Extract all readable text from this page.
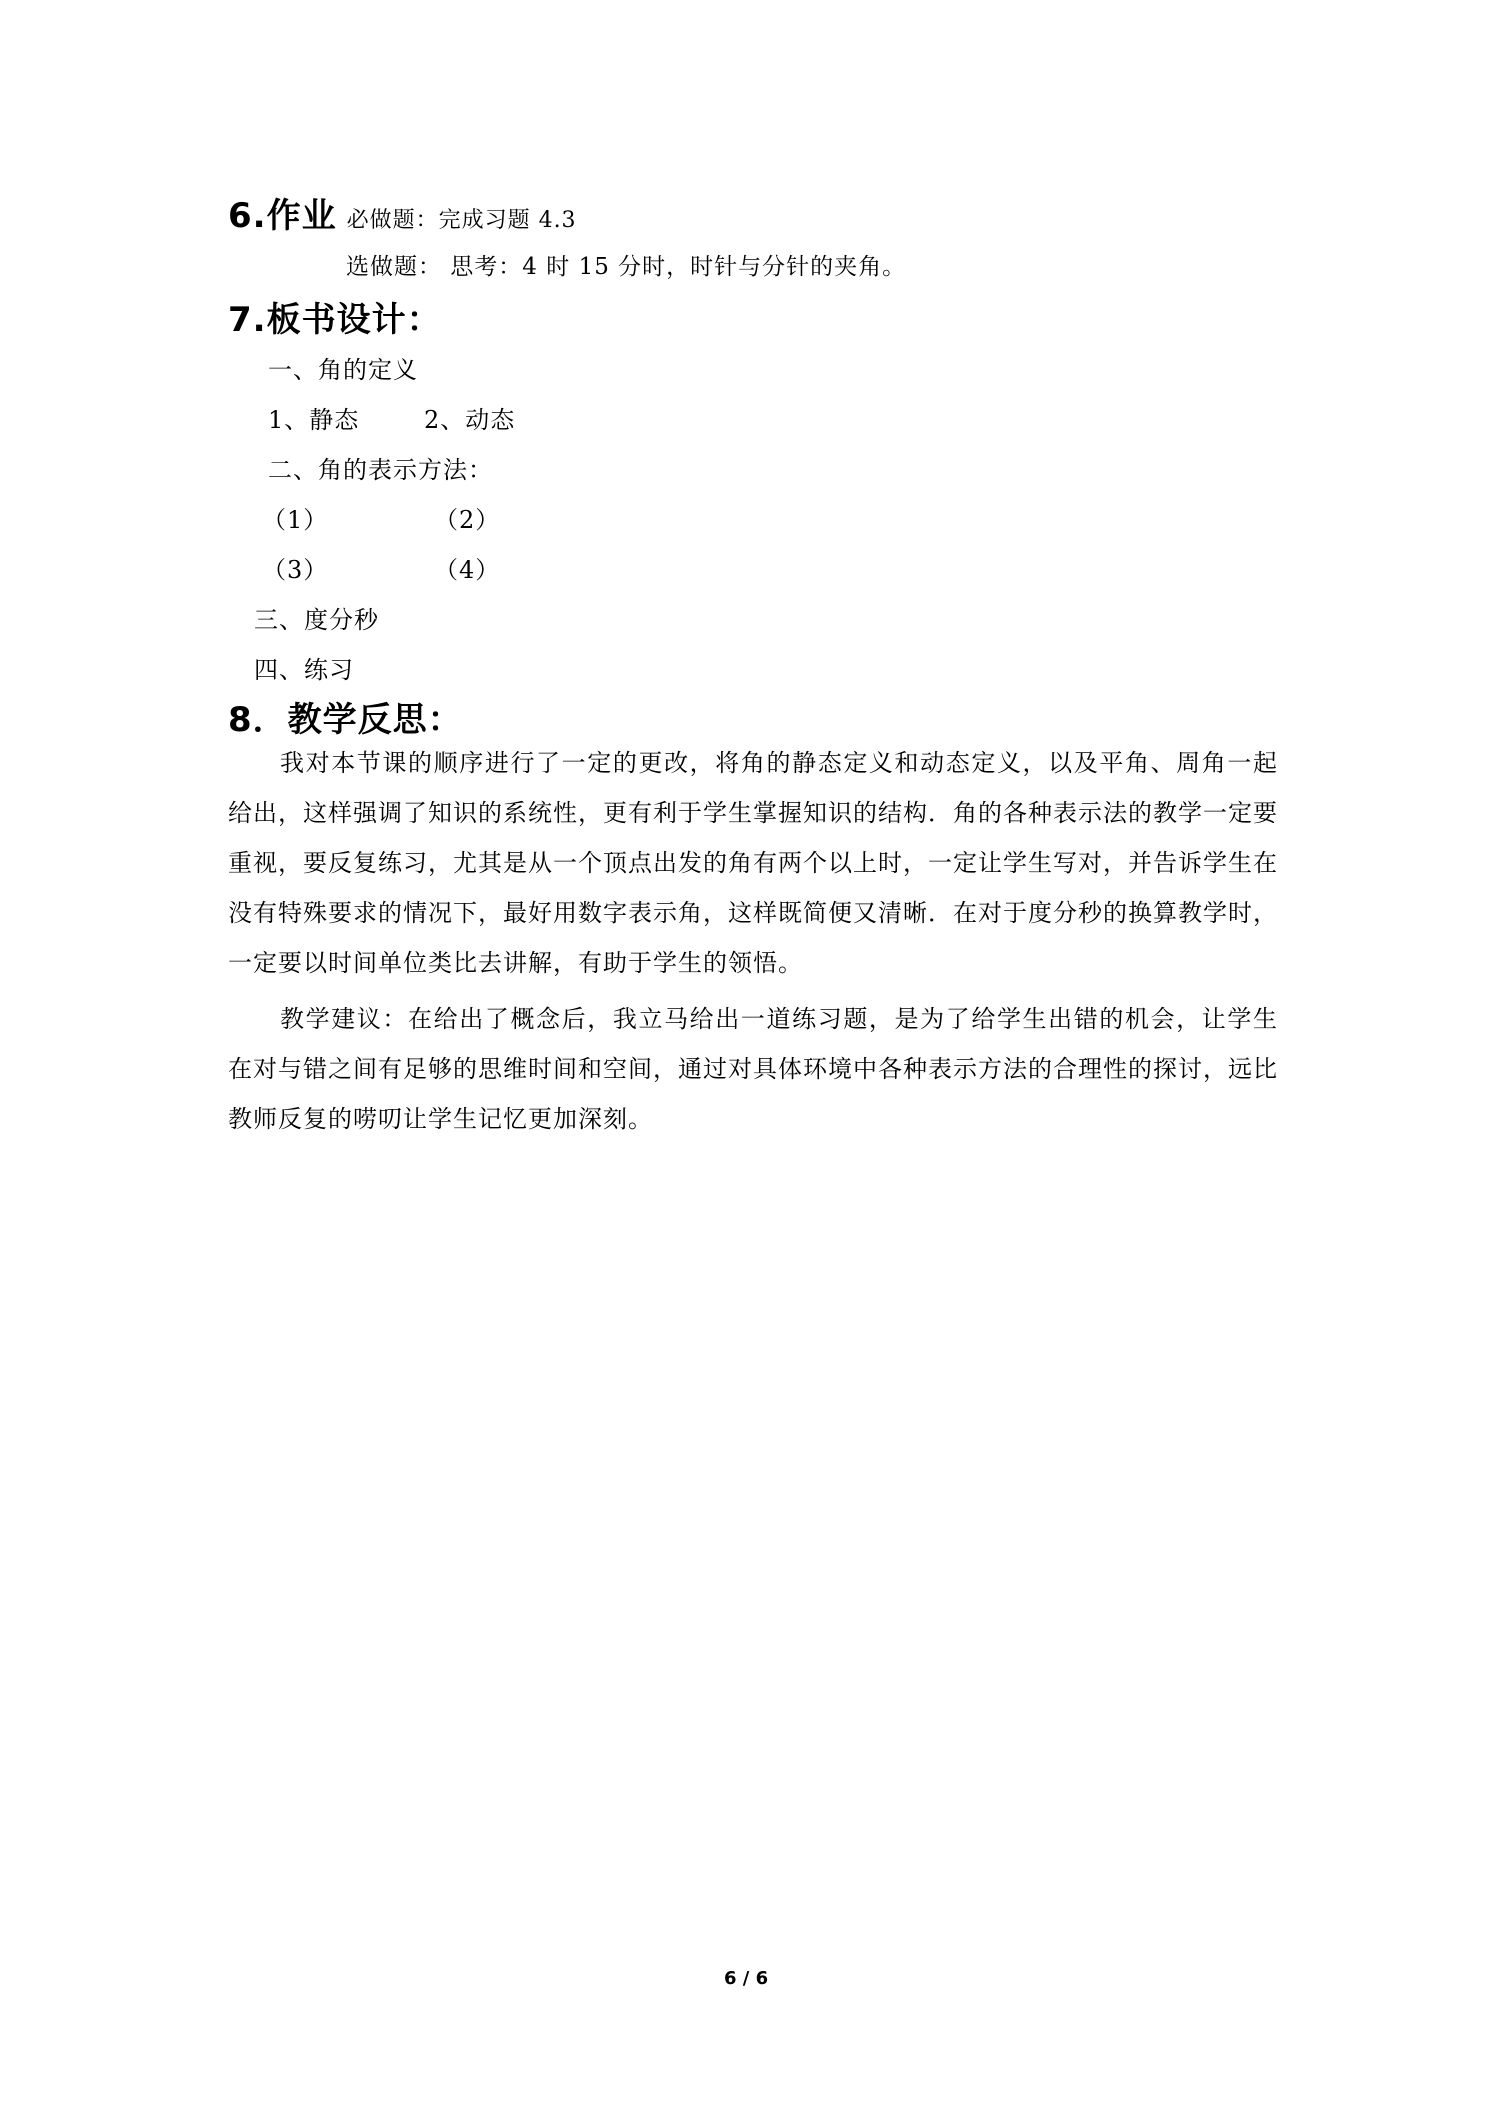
6.作业 必做题：完成习题 4.3
选做题： 思考：4 时 15 分时，时针与分针的夹角。
7.板书设计：
一、角的定义
1、静态	2、动态
二、角的表示方法：
（1）	（2）
（3）	（4）
三、度分秒
四、练习
8．教学反思：
我对本节课的顺序进行了一定的更改，将角的静态定义和动态定义，以及平角、周角一起给出，这样强调了知识的系统性，更有利于学生掌握知识的结构．角的各种表示法的教学一定要重视，要反复练习，尤其是从一个顶点出发的角有两个以上时，一定让学生写对，并告诉学生在没有特殊要求的情况下，最好用数字表示角，这样既简便又清晰．在对于度分秒的换算教学时，一定要以时间单位类比去讲解，有助于学生的领悟。
教学建议：在给出了概念后，我立马给出一道练习题，是为了给学生出错的机会，让学生在对与错之间有足够的思维时间和空间，通过对具体环境中各种表示方法的合理性的探讨，远比教师反复的唠叨让学生记忆更加深刻。
6 / 6
